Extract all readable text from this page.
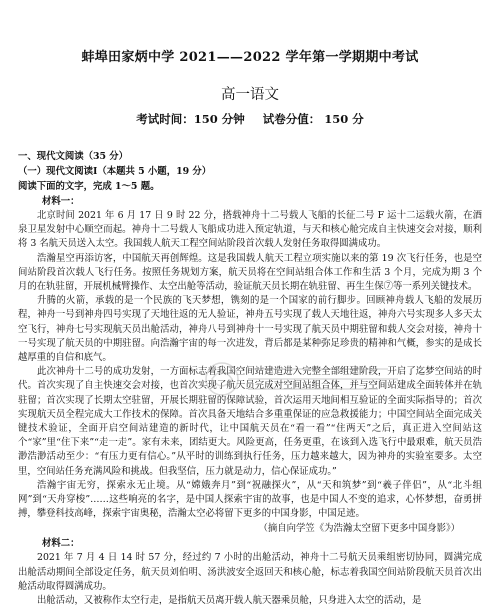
蚌埠田家炳中学 2021——2022 学年第一学期期中考试
高一语文
考试时间：150 分钟 试卷分值： 150 分
一、现代文阅读（35 分）
（一）现代文阅读Ⅰ（本题共 5 小题，19 分）
阅读下面的文字，完成 1～5 题。
材料一：

北京时间 2021 年 6 月 17 日 9 时 22 分，搭载神舟十二号载人飞船的长征二号 F 运十二运载火箭，在酒泉卫星发射中心顺空而起。神舟十二号载人飞船成功进入预定轨道，与天和核心舱完成自主快速交会对接，顺利将 3 名航天员送入太空。我国载人航天工程空间站阶段首次载人发射任务取得圆满成功。

浩瀚星空再添访客，中国航天再创辉煌。这是我国载人航天工程立项实施以来的第 19 次飞行任务，也是空间站阶段首次载人飞行任务。按照任务规划方案，航天员将在空间站组合体工作和生活 3 个月，完成为期 3 个月的在轨驻留，开展机械臂操作、太空出舱等活动，验证航天员长期在轨驻留、再生生保⑦等一系列关键技术。

升腾的火箭，承载的是一个民族的飞天梦想，镌刻的是一个国家的前行脚步。回顾神舟载人飞船的发展历程，神舟一号到神舟四号实现了天地往返的无人验证，神舟五号实现了载人天地往返，神舟六号实现多人多天太空飞行，神舟七号实现航天员出舱活动，神舟八号到神舟十一号实现了航天员中期驻留和载人交会对接，神舟十一号实现了航天员的中期驻留。向浩瀚宇宙的每一次进发，背后都是某种弥足珍贵的精神和气概，参实的是成长越厚重的自信和底气。

此次神舟十二号的成功发射，一方面标志着我国空间站建造进入完整全部组建阶段，开启了迄梦空间站的时代。首次实现了自主快速交会对接，也首次实现了航天员完成对空间站组合体，并与空间站建成全面转体并在轨驻留；首次实现了长期太空驻留，开展长期驻留的保障试验，首次运用天地间相互验证的全面实际指导的；首次实现航天员全程完成大工作技术的保障。首次具备天地结合多重重保证的应急救援能力；中国空间站全面完成关键技术验证，全面开启空间站建造的新时代，让中国航天员在“看一看”“住两天”之后，真正进入空间站这个“家”里“住下来”“走一走”。家有未来，团结更大。风险更高，任务更重，在该到入选飞行中最艰难，航天员浩渺浩渺活动至少：“有压力更有信心。”从平时的训练到执行任务，压力越来越大，因为神舟的实验室要多。太空里，空间站任务充满风险和挑战。但我坚信，压力就是动力，信心保证成功。”

浩瀚宇宙无穷，探索永无止境。从“嫦娥奔月”到“祝融探火”，从“天和筑梦”到“羲子伴侣”，从“北斗组网”到“天舟穿梭”……这些响亮的名字，是中国人探索宇宙的故事，也是中国人不变的追求，心怀梦想，奋勇拼搏，攀登科技高峰，探索宇宙奥秘，浩瀚太空必将留下更多的中国身影，中国足迹。

（摘自向学笠《为浩瀚太空留下更多中国身影》）
材料二：

2021 年 7 月 4 日 14 时 57 分，经过约 7 小时的出舱活动，神舟十二号航天员乘组密切协同，圆满完成出舱活动期间全部设定任务，航天员刘伯明、汤洪波安全返回天和核心舱，标志着我国空间站阶段航天员首次出舱活动取得圆满成功。

出舱活动，又被称作太空行走，是指航天员离开载人航天器乘员舱，只身进入太空的活动，是
